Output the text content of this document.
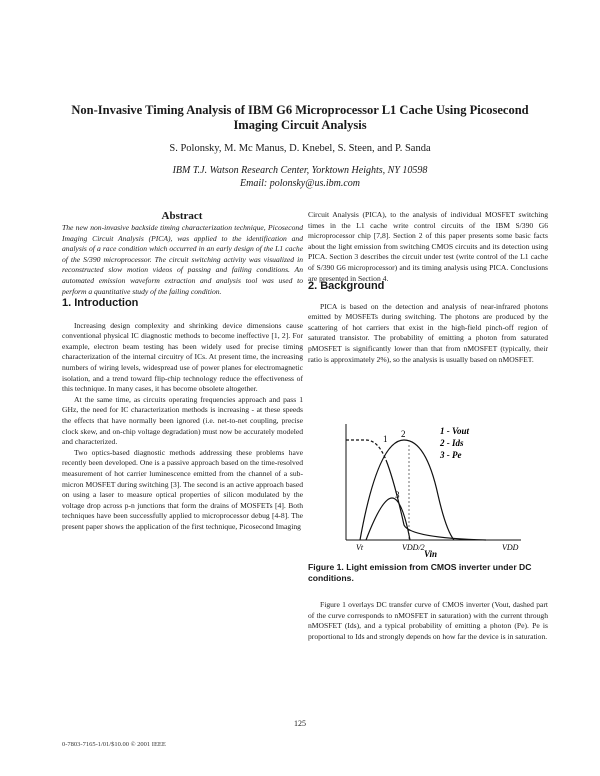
Non-Invasive Timing Analysis of IBM G6 Microprocessor L1 Cache Using Picosecond Imaging Circuit Analysis
S. Polonsky, M. Mc Manus, D. Knebel, S. Steen, and P. Sanda
IBM T.J. Watson Research Center, Yorktown Heights, NY 10598
Email: polonsky@us.ibm.com
Abstract
The new non-invasive backside timing characterization technique, Picosecond Imaging Circuit Analysis (PICA), was applied to the identification and analysis of a race condition which occurred in an early design of the L1 cache of the S/390 microprocessor. The circuit switching activity was visualized in reconstructed slow motion videos of passing and failing conditions. An automated emission waveform extraction and analysis tool was used to perform a quantitative study of the failing condition.
1. Introduction

Increasing design complexity and shrinking device dimensions cause conventional physical IC diagnostic methods to become ineffective [1, 2]. For example, electron beam testing has been widely used for precise timing characterization of the internal circuitry of ICs. At present time, the increasing numbers of wiring levels, widespread use of power planes for electromagnetic isolation, and a trend toward flip-chip technology reduce the effectiveness of this technique. In many cases, it has become obsolete altogether.

At the same time, as circuits operating frequencies approach and pass 1 GHz, the need for IC characterization methods is increasing - at these speeds the effects that have normally been ignored (i.e. net-to-net coupling, precise clock skew, and on-chip voltage degradation) must now be accurately modeled and characterized.

Two optics-based diagnostic methods addressing these problems have recently been developed. One is a passive approach based on the time-resolved measurement of hot carrier luminescence emitted from the channel of a sub-micron MOSFET during switching [3]. The second is an active approach based on using a laser to measure optical properties of silicon modulated by the voltage drop across p-n junctions that form the drains of MOSFETs [4]. Both techniques have been successfully applied to microprocessor debug [4-8]. The present paper shows the application of the first technique, Picosecond Imaging

Circuit Analysis (PICA), to the analysis of individual MOSFET switching times in the L1 cache write control circuits of the IBM S/390 G6 microprocessor chip [7,8]. Section 2 of this paper presents some basic facts about the light emission from switching CMOS circuits and its detection using PICA. Section 3 describes the circuit under test (write control of the L1 cache of S/390 G6 microprocessor) and its timing analysis using PICA. Conclusions are presented in Section 4.

2. Background

PICA is based on the detection and analysis of near-infrared photons emitted by MOSFETs during switching. The photons are produced by the scattering of hot carriers that exist in the high-field pinch-off region of saturated transistor. The probability of emitting a photon from saturated pMOSFET is significantly lower than that from nMOSFET (typically, their ratio is approximately 2%), so the analysis is usually based on nMOSFET.

1 2
3
1 - Vout
2 - Ids
3 - Pe
Vt	VDD/2	VDD
Vin
Figure 1. Light emission from CMOS inverter under DC conditions.

Figure 1 overlays DC transfer curve of CMOS inverter (Vout, dashed part of the curve corresponds to nMOSFET in saturation) with the current through nMOSFET (Ids), and a typical probability of emitting a photon (Pe). Pe is proportional to Ids and strongly depends on how far the device is in saturation.

125
0-7803-7165-1/01/$10.00 © 2001 IEEE
